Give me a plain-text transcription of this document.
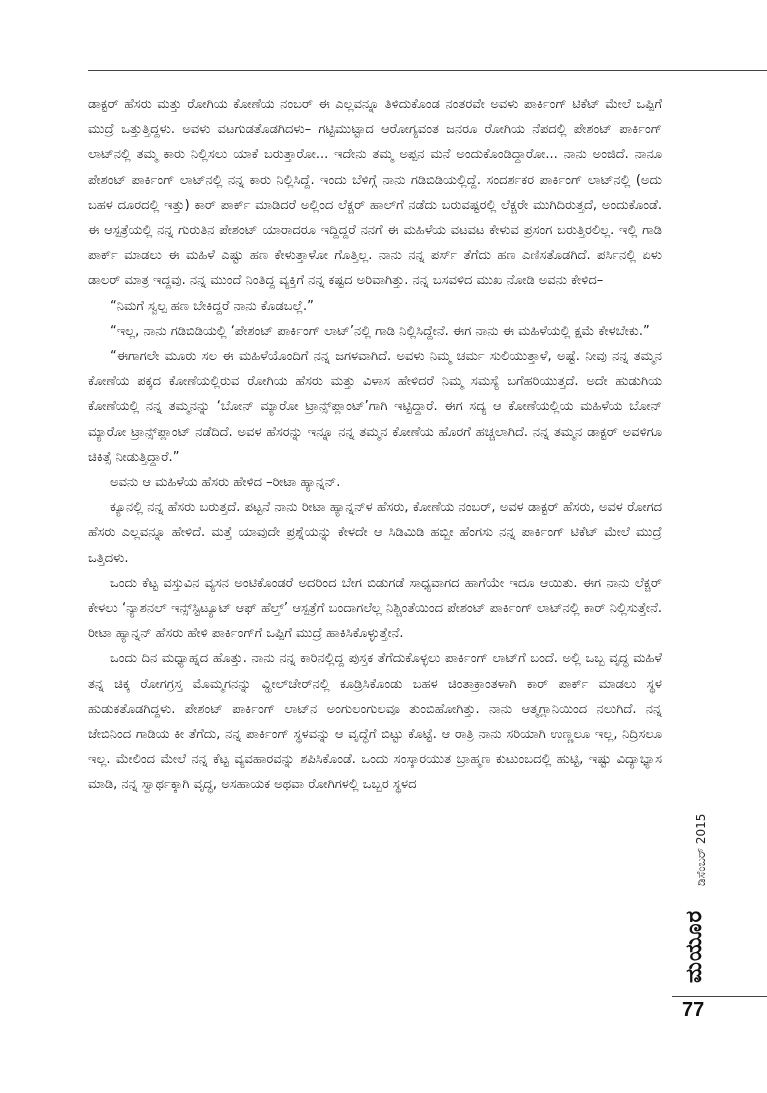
ಡಾಕ್ಟರ್ ಹೆಸರು ಮತ್ತು ರೋಗಿಯ ಕೋಣೆಯ ನಂಬರ್ ಈ ಎಲ್ಲವನ್ನೂ ತಿಳಿದುಕೊಂಡ ನಂತರವೇ ಅವಳು ಪಾರ್ಕಿಂಗ್ ಟಿಕೆಟ್ ಮೇಲೆ ಒಪ್ಪಿಗೆ ಮುದ್ರೆ ಒತ್ತುತ್ತಿದ್ದಳು. ಅವಳು ವಟಗುಡತೊಡಗಿದಳು– ಗಟ್ಟಿಮುಟ್ಟಾದ ಆರೋಗ್ಯವಂತ ಜನರೂ ರೋಗಿಯ ನೆಪದಲ್ಲಿ ಪೇಶಂಟ್ ಪಾರ್ಕಿಂಗ್ ಲಾಟ್‌ನಲ್ಲಿ ತಮ್ಮ ಕಾರು ನಿಲ್ಲಿಸಲು ಯಾಕೆ ಬರುತ್ತಾರೋ... ಇದೇನು ತಮ್ಮ ಅಪ್ಪನ ಮನೆ ಅಂದುಕೊಂಡಿದ್ದಾರೋ... ನಾನು ಅಂಜಿದೆ. ನಾನೂ ಪೇಶಂಟ್ ಪಾರ್ಕಿಂಗ್ ಲಾಟ್‌ನಲ್ಲಿ ನನ್ನ ಕಾರು ನಿಲ್ಲಿಸಿದ್ದೆ. ಇಂದು ಬೆಳಿಗ್ಗೆ ನಾನು ಗಡಿಬಿಡಿಯಲ್ಲಿದ್ದೆ. ಸಂದರ್ಶಕರ ಪಾರ್ಕಿಂಗ್ ಲಾಟ್‌ನಲ್ಲಿ (ಅದು ಬಹಳ ದೂರದಲ್ಲಿ ಇತ್ತು) ಕಾರ್ ಪಾರ್ಕ್ ಮಾಡಿದರೆ ಅಲ್ಲಿಂದ ಲೆಕ್ಚರ್ ಹಾಲ್‌ಗೆ ನಡೆದು ಬರುವಷ್ಟರಲ್ಲಿ ಲೆಕ್ಚರೇ ಮುಗಿದಿರುತ್ತದೆ, ಅಂದುಕೊಂಡೆ. ಈ ಆಸ್ಪತ್ರೆಯಲ್ಲಿ ನನ್ನ ಗುರುತಿನ ಪೇಶಂಟ್ ಯಾರಾದರೂ ಇದ್ದಿದ್ದರೆ ನನಗೆ ಈ ಮಹಿಳೆಯ ವಟವಟ ಕೇಳುವ ಪ್ರಸಂಗ ಬರುತ್ತಿರಲಿಲ್ಲ. ಇಲ್ಲಿ ಗಾಡಿ ಪಾರ್ಕ್ ಮಾಡಲು ಈ ಮಹಿಳೆ ಎಷ್ಟು ಹಣ ಕೇಳುತ್ತಾಳೋ ಗೊತ್ತಿಲ್ಲ. ನಾನು ನನ್ನ ಪರ್ಸ್ ತೆಗೆದು ಹಣ ಎಣಿಸತೊಡಗಿದೆ. ಪರ್ಸಿನಲ್ಲಿ ಏಳು ಡಾಲರ್ ಮಾತ್ರ ಇದ್ದವು. ನನ್ನ ಮುಂದೆ ನಿಂತಿದ್ದ ವ್ಯಕ್ತಿಗೆ ನನ್ನ ಕಷ್ಟದ ಅರಿವಾಗಿತ್ತು. ನನ್ನ ಬಸವಳಿದ ಮುಖ ನೋಡಿ ಅವನು ಕೇಳಿದ–

“ನಿಮಗೆ ಸ್ವಲ್ಪ ಹಣ ಬೇಕಿದ್ದರೆ ನಾನು ಕೊಡಬಲ್ಲೆ.”

“ಇಲ್ಲ, ನಾನು ಗಡಿಬಿಡಿಯಲ್ಲಿ ‘ಪೇಶಂಟ್ ಪಾರ್ಕಿಂಗ್ ಲಾಟ್’ನಲ್ಲಿ ಗಾಡಿ ನಿಲ್ಲಿಸಿದ್ದೇನೆ. ಈಗ ನಾನು ಈ ಮಹಿಳೆಯಲ್ಲಿ ಕ್ಷಮೆ ಕೇಳಬೇಕು.”

“ಈಗಾಗಲೇ ಮೂರು ಸಲ ಈ ಮಹಿಳೆಯೊಂದಿಗೆ ನನ್ನ ಜಗಳವಾಗಿದೆ. ಅವಳು ನಿಮ್ಮ ಚರ್ಮ ಸುಲಿಯುತ್ತಾಳೆ, ಅಷ್ಟೆ. ನೀವು ನನ್ನ ತಮ್ಮನ ಕೋಣೆಯ ಪಕ್ಕದ ಕೋಣೆಯಲ್ಲಿರುವ ರೋಗಿಯ ಹೆಸರು ಮತ್ತು ವಿಳಾಸ ಹೇಳಿದರೆ ನಿಮ್ಮ ಸಮಸ್ಯೆ ಬಗೆಹರಿಯುತ್ತದೆ. ಅದೇ ಹುಡುಗಿಯ ಕೋಣೆಯಲ್ಲಿ ನನ್ನ ತಮ್ಮನನ್ನು ‘ಬೋನ್ ಮ್ಯಾರೋ ಟ್ರಾನ್ಸ್‌ಪ್ಲಾಂಟ್’ಗಾಗಿ ಇಟ್ಟಿದ್ದಾರೆ. ಈಗ ಸದ್ಯ ಆ ಕೋಣೆಯಲ್ಲಿಯ ಮಹಿಳೆಯ ಬೋನ್ ಮ್ಯಾರೋ ಟ್ರಾನ್ಸ್‌ಪ್ಲಾಂಟ್ ನಡೆದಿದೆ. ಅವಳ ಹೆಸರನ್ನು ಇನ್ನೂ ನನ್ನ ತಮ್ಮನ ಕೋಣೆಯ ಹೊರಗೆ ಹಚ್ಚಲಾಗಿದೆ. ನನ್ನ ತಮ್ಮನ ಡಾಕ್ಟರ್ ಅವಳಿಗೂ ಚಿಕಿತ್ಸೆ ನೀಡುತ್ತಿದ್ದಾರೆ.”

ಅವನು ಆ ಮಹಿಳೆಯ ಹೆಸರು ಹೇಳಿದ –ರೀಟಾ ಹ್ಯಾನ್ನನ್.

ಕ್ಯೂನಲ್ಲಿ ನನ್ನ ಹೆಸರು ಬರುತ್ತದೆ. ಪಟ್ಟನೆ ನಾನು ರೀಟಾ ಹ್ಯಾನ್ನನ್‌ಳ ಹೆಸರು, ಕೋಣೆಯ ನಂಬರ್, ಅವಳ ಡಾಕ್ಟರ್ ಹೆಸರು, ಅವಳ ರೋಗದ ಹೆಸರು ಎಲ್ಲವನ್ನೂ ಹೇಳಿದೆ. ಮತ್ತೆ ಯಾವುದೇ ಪ್ರಶ್ನೆಯನ್ನು ಕೇಳದೇ ಆ ಸಿಡಿಮಿಡಿ ಹಬ್ಬೀ ಹೆಂಗಸು ನನ್ನ ಪಾರ್ಕಿಂಗ್ ಟಿಕೆಟ್ ಮೇಲೆ ಮುದ್ರೆ ಒತ್ತಿದಳು.

ಒಂದು ಕೆಟ್ಟ ವಸ್ತುವಿನ ವ್ಯಸನ ಅಂಟಿಕೊಂಡರೆ ಅದರಿಂದ ಬೇಗ ಬಿಡುಗಡೆ ಸಾಧ್ಯವಾಗದ ಹಾಗೆಯೇ ಇದೂ ಆಯಿತು. ಈಗ ನಾನು ಲೆಕ್ಚರ್ ಕೇಳಲು ‘ನ್ಯಾಶನಲ್ ಇನ್ಸ್‌ಸ್ಟಿಟ್ಯೂಟ್ ಆಫ್ ಹೆಲ್ತ್’ ಆಸ್ಪತ್ರೆಗೆ ಬಂದಾಗಲೆಲ್ಲ ನಿಶ್ಚಿಂತೆಯಿಂದ ಪೇಶಂಟ್ ಪಾರ್ಕಿಂಗ್ ಲಾಟ್‌ನಲ್ಲಿ ಕಾರ್ ನಿಲ್ಲಿಸುತ್ತೇನೆ. ರೀಟಾ ಹ್ಯಾನ್ನನ್ ಹೆಸರು ಹೇಳಿ ಪಾರ್ಕಿಂಗ್‌ಗೆ ಒಪ್ಪಿಗೆ ಮುದ್ರೆ ಹಾಕಿಸಿಕೊಳ್ಳುತ್ತೇನೆ.

ಒಂದು ದಿನ ಮಧ್ಯಾಹ್ನದ ಹೊತ್ತು. ನಾನು ನನ್ನ ಕಾರಿನಲ್ಲಿದ್ದ ಪುಸ್ತಕ ತೆಗೆದುಕೊಳ್ಳಲು ಪಾರ್ಕಿಂಗ್ ಲಾಟ್‌ಗೆ ಬಂದೆ. ಅಲ್ಲಿ ಒಬ್ಬ ವೃದ್ಧ ಮಹಿಳೆ ತನ್ನ ಚಿಕ್ಕ ರೋಗಗ್ರಸ್ತ ಮೊಮ್ಮಗನನ್ನು ವ್ಹೀಲ್‌ಚೇರ್‌ನಲ್ಲಿ ಕೂಡ್ರಿಸಿಕೊಂಡು ಬಹಳ ಚಿಂತಾಕ್ರಾಂತಳಾಗಿ ಕಾರ್ ಪಾರ್ಕ್ ಮಾಡಲು ಸ್ಥಳ ಹುಡುಕತೊಡಗಿದ್ದಳು. ಪೇಶಂಟ್ ಪಾರ್ಕಿಂಗ್ ಲಾಟ್‌ನ ಅಂಗುಲಂಗುಲವೂ ತುಂಬಿಹೋಗಿತ್ತು. ನಾನು ಆತ್ಮಗ್ಲಾನಿಯಿಂದ ನಲುಗಿದೆ. ನನ್ನ ಜೇಬಿನಿಂದ ಗಾಡಿಯ ಕೀ ತೆಗೆದು, ನನ್ನ ಪಾರ್ಕಿಂಗ್ ಸ್ಥಳವನ್ನು ಆ ವೃದ್ಧೆಗೆ ಬಿಟ್ಟು ಕೊಟ್ಟೆ. ಆ ರಾತ್ರಿ ನಾನು ಸರಿಯಾಗಿ ಉಣ್ಣಲೂ ಇಲ್ಲ, ನಿದ್ರಿಸಲೂ ಇಲ್ಲ. ಮೇಲಿಂದ ಮೇಲೆ ನನ್ನ ಕೆಟ್ಟ ವ್ಯವಹಾರವನ್ನು ಶಪಿಸಿಕೊಂಡೆ. ಒಂದು ಸಂಸ್ಕಾರಯುತ ಬ್ರಾಹ್ಮಣ ಕುಟುಂಬದಲ್ಲಿ ಹುಟ್ಟಿ, ಇಷ್ಟು ವಿದ್ಯಾಭ್ಯಾಸ ಮಾಡಿ, ನನ್ನ ಸ್ವಾರ್ಥಕ್ಕಾಗಿ ವೃದ್ಧ, ಅಸಹಾಯಕ ಅಥವಾ ರೋಗಿಗಳಲ್ಲಿ ಒಬ್ಬರ ಸ್ಥಳದ

ಡಿಸೆಂಬರ್ 2015
ಮಯೂರ
77
